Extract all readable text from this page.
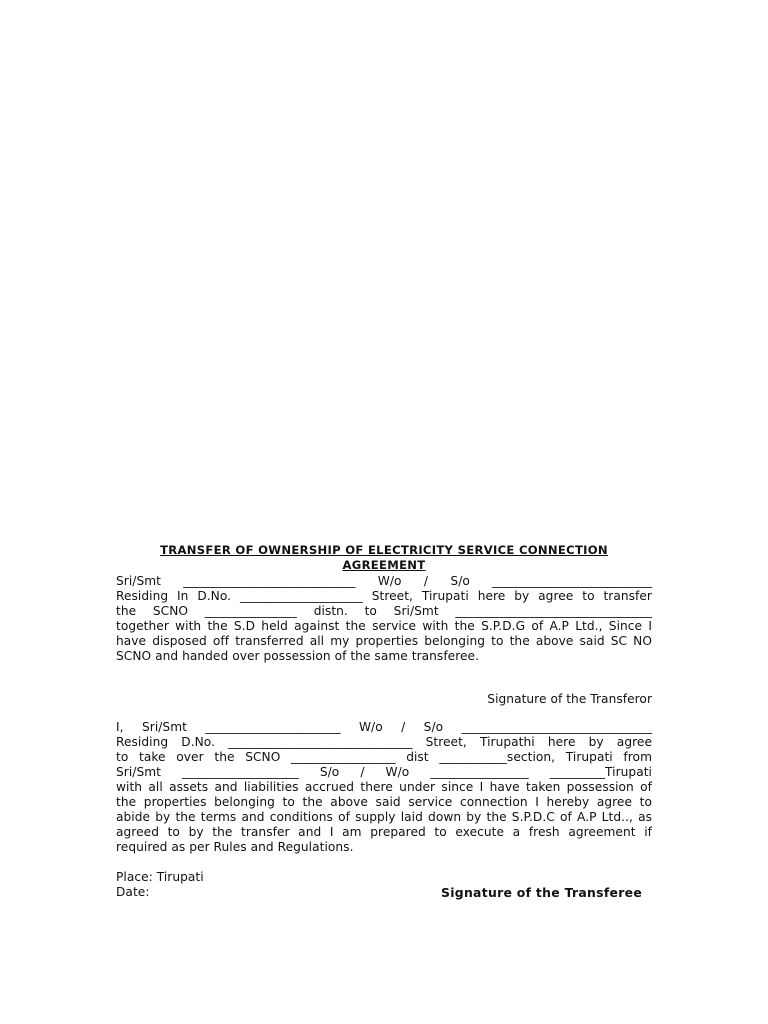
TRANSFER OF OWNERSHIP OF ELECTRICITY SERVICE CONNECTION
AGREEMENT
Sri/Smt ____________________________ W/o / S/o __________________________
Residing In D.No. ____________________ Street, Tirupati here by agree to transfer
the SCNO _______________ distn. to Sri/Smt ________________________________
together with the S.D held against the service with the S.P.D.G of A.P Ltd., Since I
have disposed off transferred all my properties belonging to the above said SC NO
SCNO and handed over possession of the same transferee.
Signature of the Transferor
I, Sri/Smt ______________________ W/o / S/o _______________________________
Residing D.No. ______________________________ Street, Tirupathi here by agree
to take over the SCNO _________________ dist ___________section, Tirupati from
Sri/Smt ___________________ S/o / W/o ________________ _________Tirupati
with all assets and liabilities accrued there under since I have taken possession of
the properties belonging to the above said service connection I hereby agree to
abide by the terms and conditions of supply laid down by the S.P.D.C of A.P Ltd.., as
agreed to by the transfer and I am prepared to execute a fresh agreement if
required as per Rules and Regulations.
Place: Tirupati
Date:	Signature of the Transferee
